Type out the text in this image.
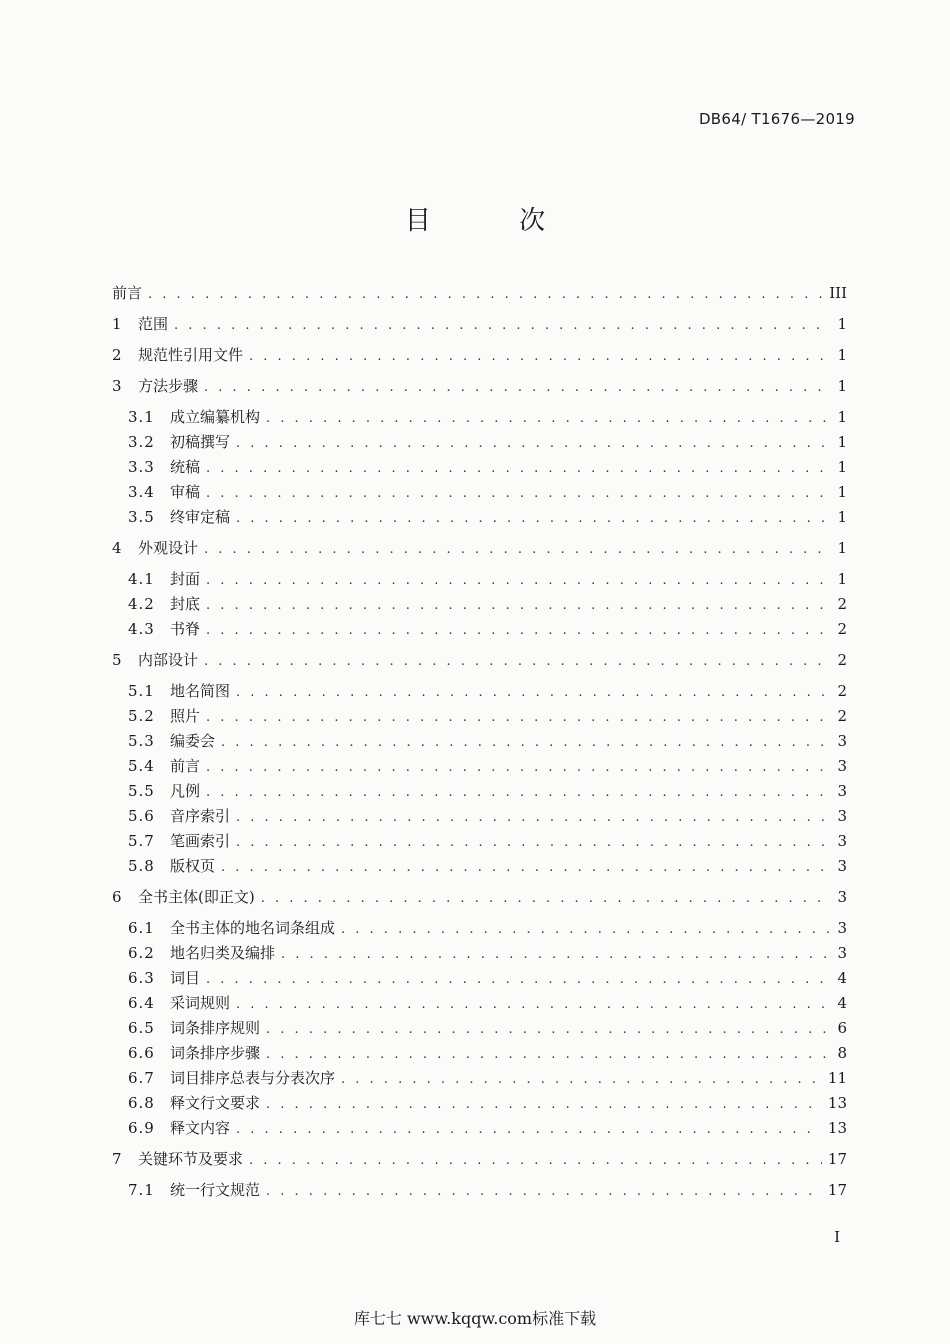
DB64/ T1676—2019
目 次
前言 . . .	III
1	范围 . . .	1
2	规范性引用文件 . . .	1
3	方法步骤 . . .	1
3.1	成立编纂机构 . . .	1
3.2	初稿撰写 . . .	1
3.3	统稿 . . .	1
3.4	审稿 . . .	1
3.5	终审定稿 . . .	1
4	外观设计 . . .	1
4.1	封面 . . .	1
4.2	封底 . . .	2
4.3	书脊 . . .	2
5	内部设计 . . .	2
5.1	地名简图 . . .	2
5.2	照片 . . .	2
5.3	编委会 . . .	3
5.4	前言 . . .	3
5.5	凡例 . . .	3
5.6	音序索引 . . .	3
5.7	笔画索引 . . .	3
5.8	版权页 . . .	3
6	全书主体(即正文) . . .	3
6.1	全书主体的地名词条组成 . . .	3
6.2	地名归类及编排 . . .	3
6.3	词目 . . .	4
6.4	采词规则 . . .	4
6.5	词条排序规则 . . .	6
6.6	词条排序步骤 . . .	8
6.7	词目排序总表与分表次序 . . .	11
6.8	释文行文要求 . . .	13
6.9	释文内容 . . .	13
7	关键环节及要求 . . .	17
7.1	统一行文规范 . . .	17
I
库七七 www.kqqw.com标准下载
